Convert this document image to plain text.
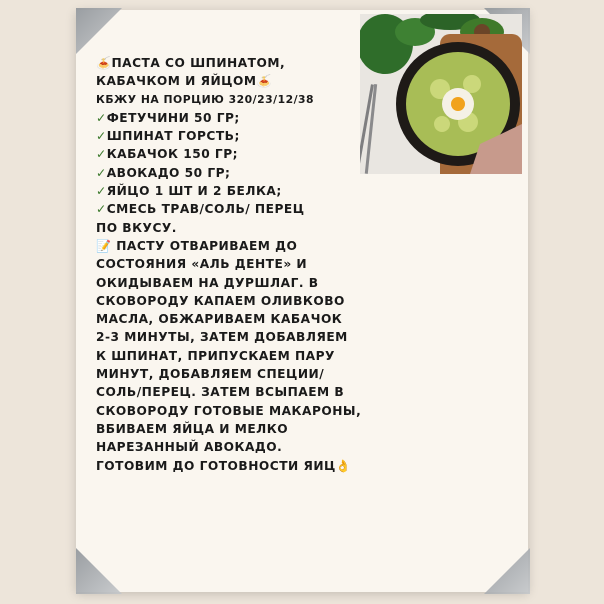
🍝ПАСТА СО ШПИНАТОМ,
КАБАЧКОМ И ЯЙЦОМ🍝
КБЖУ НА ПОРЦИЮ 320/23/12/38
✓ФЕТУЧИНИ 50 ГР;
✓ШПИНАТ ГОРСТЬ;
✓КАБАЧОК 150 ГР;
✓АВОКАДО 50 ГР;
✓ЯЙЦО 1 ШТ И 2 БЕЛКА;
✓СМЕСЬ ТРАВ/СОЛЬ/ ПЕРЕЦ
ПО ВКУСУ.
📝 ПАСТУ ОТВАРИВАЕМ ДО
СОСТОЯНИЯ «АЛЬ ДЕНТЕ» И
ОКИДЫВАЕМ НА ДУРШЛАГ. В
СКОВОРОДУ КАПАЕМ ОЛИВКОВО
МАСЛА, ОБЖАРИВАЕМ КАБАЧОК
2-3 МИНУТЫ, ЗАТЕМ ДОБАВЛЯЕМ
К ШПИНАТ, ПРИПУСКАЕМ ПАРУ
МИНУТ, ДОБАВЛЯЕМ СПЕЦИИ/
СОЛЬ/ПЕРЕЦ. ЗАТЕМ ВСЫПАЕМ В
СКОВОРОДУ ГОТОВЫЕ МАКАРОНЫ,
ВБИВАЕМ ЯЙЦА И МЕЛКО
НАРЕЗАННЫЙ АВОКАДО.
ГОТОВИМ ДО ГОТОВНОСТИ ЯИЦ👌
